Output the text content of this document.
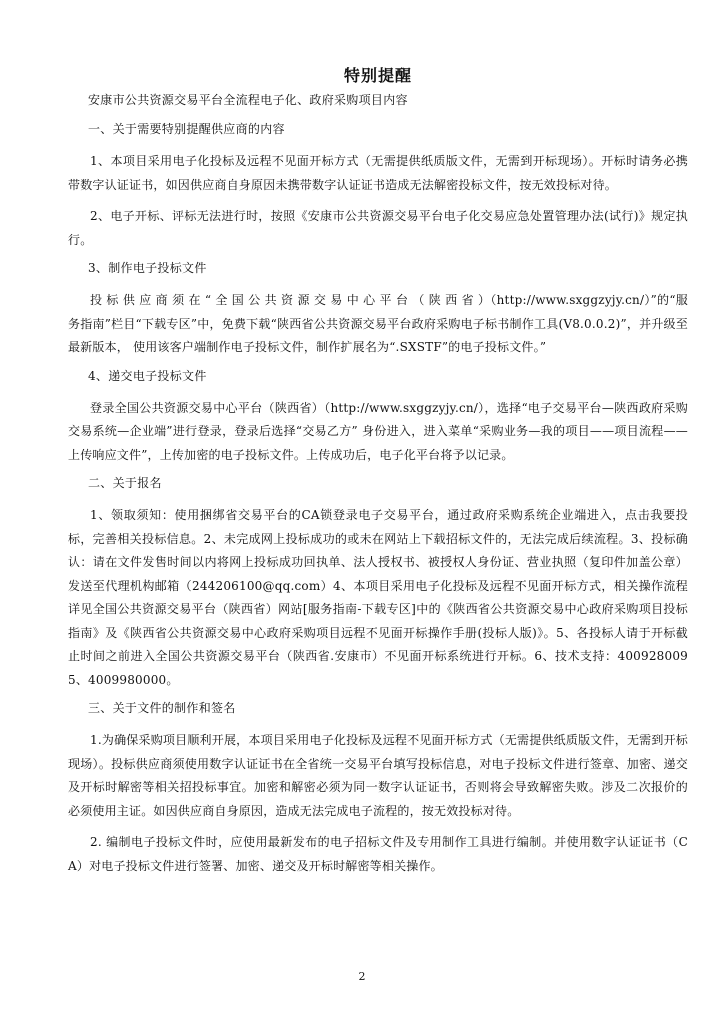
特别提醒
安康市公共资源交易平台全流程电子化、政府采购项目内容
一、关于需要特别提醒供应商的内容
1、本项目采用电子化投标及远程不见面开标方式（无需提供纸质版文件，无需到开标现场）。开标时请务必携带数字认证证书，如因供应商自身原因未携带数字认证证书造成无法解密投标文件，按无效投标对待。
2、电子开标、评标无法进行时，按照《安康市公共资源交易平台电子化交易应急处置管理办法(试行)》规定执行。
3、制作电子投标文件
投 标 供 应 商 须 在 “ 全 国 公 共 资 源 交 易 中 心 平 台 （ 陕 西 省 ）（http://www.sxggzyjy.cn/）”的“服务指南”栏目“下载专区”中，免费下载“陕西省公共资源交易平台政府采购电子标书制作工具(V8.0.0.2)”，并升级至最新版本， 使用该客户端制作电子投标文件，制作扩展名为“.SXSTF”的电子投标文件。”
4、递交电子投标文件
登录全国公共资源交易中心平台（陕西省）（http://www.sxggzyjy.cn/），选择“电子交易平台—陕西政府采购交易系统—企业端”进行登录，登录后选择“交易乙方” 身份进入，进入菜单“采购业务—我的项目——项目流程——上传响应文件”，上传加密的电子投标文件。上传成功后，电子化平台将予以记录。
二、关于报名
1、领取须知：使用捆绑省交易平台的CA锁登录电子交易平台，通过政府采购系统企业端进入，点击我要投标，完善相关投标信息。2、未完成网上投标成功的或未在网站上下载招标文件的，无法完成后续流程。3、投标确认：请在文件发售时间以内将网上投标成功回执单、法人授权书、被授权人身份证、营业执照（复印件加盖公章）发送至代理机构邮箱（244206100@qq.com）4、本项目采用电子化投标及远程不见面开标方式，相关操作流程详见全国公共资源交易平台（陕西省）网站[服务指南-下载专区]中的《陕西省公共资源交易中心政府采购项目投标指南》及《陕西省公共资源交易中心政府采购项目远程不见面开标操作手册(投标人版)》。5、各投标人请于开标截止时间之前进入全国公共资源交易平台（陕西省.安康市）不见面开标系统进行开标。6、技术支持：4009280095、4009980000。
三、关于文件的制作和签名
1.为确保采购项目顺利开展，本项目采用电子化投标及远程不见面开标方式（无需提供纸质版文件，无需到开标现场）。投标供应商须使用数字认证证书在全省统一交易平台填写投标信息，对电子投标文件进行签章、加密、递交及开标时解密等相关招投标事宜。加密和解密必须为同一数字认证证书，否则将会导致解密失败。涉及二次报价的必须使用主证。如因供应商自身原因，造成无法完成电子流程的，按无效投标对待。
2. 编制电子投标文件时，应使用最新发布的电子招标文件及专用制作工具进行编制。并使用数字认证证书（CA）对电子投标文件进行签署、加密、递交及开标时解密等相关操作。
2
